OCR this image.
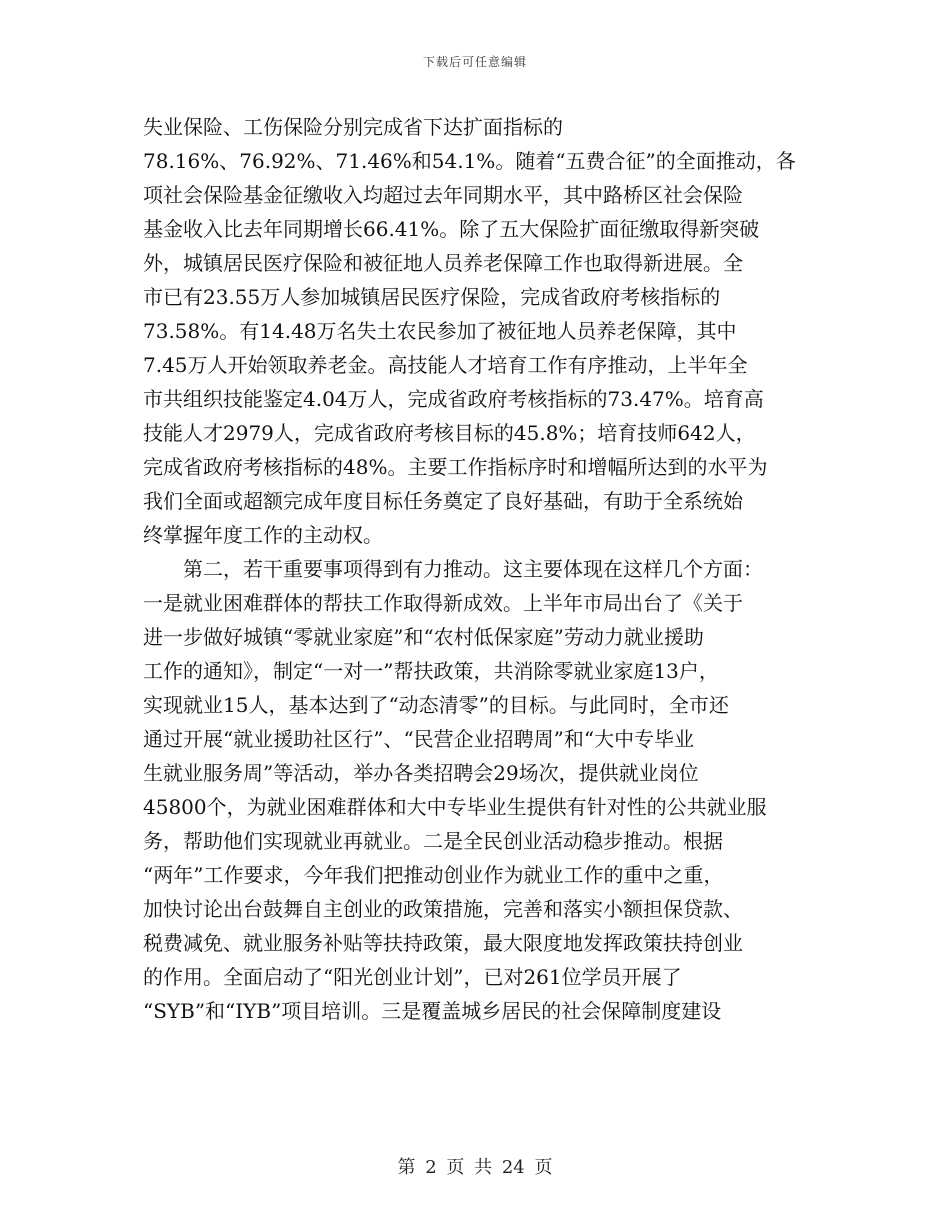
下载后可任意编辑
失业保险、工伤保险分别完成省下达扩面指标的
78.16%、76.92%、71.46%和54.1%。随着“五费合征”的全面推动，各
项社会保险基金征缴收入均超过去年同期水平，其中路桥区社会保险
基金收入比去年同期增长66.41%。除了五大保险扩面征缴取得新突破
外，城镇居民医疗保险和被征地人员养老保障工作也取得新进展。全
市已有23.55万人参加城镇居民医疗保险，完成省政府考核指标的
73.58%。有14.48万名失土农民参加了被征地人员养老保障，其中
7.45万人开始领取养老金。高技能人才培育工作有序推动，上半年全
市共组织技能鉴定4.04万人，完成省政府考核指标的73.47%。培育高
技能人才2979人，完成省政府考核目标的45.8%；培育技师642人，
完成省政府考核指标的48%。主要工作指标序时和增幅所达到的水平为
我们全面或超额完成年度目标任务奠定了良好基础，有助于全系统始
终掌握年度工作的主动权。
　　第二，若干重要事项得到有力推动。这主要体现在这样几个方面：
一是就业困难群体的帮扶工作取得新成效。上半年市局出台了《关于
进一步做好城镇“零就业家庭”和“农村低保家庭”劳动力就业援助
工作的通知》，制定“一对一”帮扶政策，共消除零就业家庭13户，
实现就业15人，基本达到了“动态清零”的目标。与此同时，全市还
通过开展“就业援助社区行”、“民营企业招聘周”和“大中专毕业
生就业服务周”等活动，举办各类招聘会29场次，提供就业岗位
45800个，为就业困难群体和大中专毕业生提供有针对性的公共就业服
务，帮助他们实现就业再就业。二是全民创业活动稳步推动。根据
“两年”工作要求，今年我们把推动创业作为就业工作的重中之重，
加快讨论出台鼓舞自主创业的政策措施，完善和落实小额担保贷款、
税费减免、就业服务补贴等扶持政策，最大限度地发挥政策扶持创业
的作用。全面启动了“阳光创业计划”，已对261位学员开展了
“SYB”和“IYB”项目培训。三是覆盖城乡居民的社会保障制度建设
第 2 页 共 24 页
